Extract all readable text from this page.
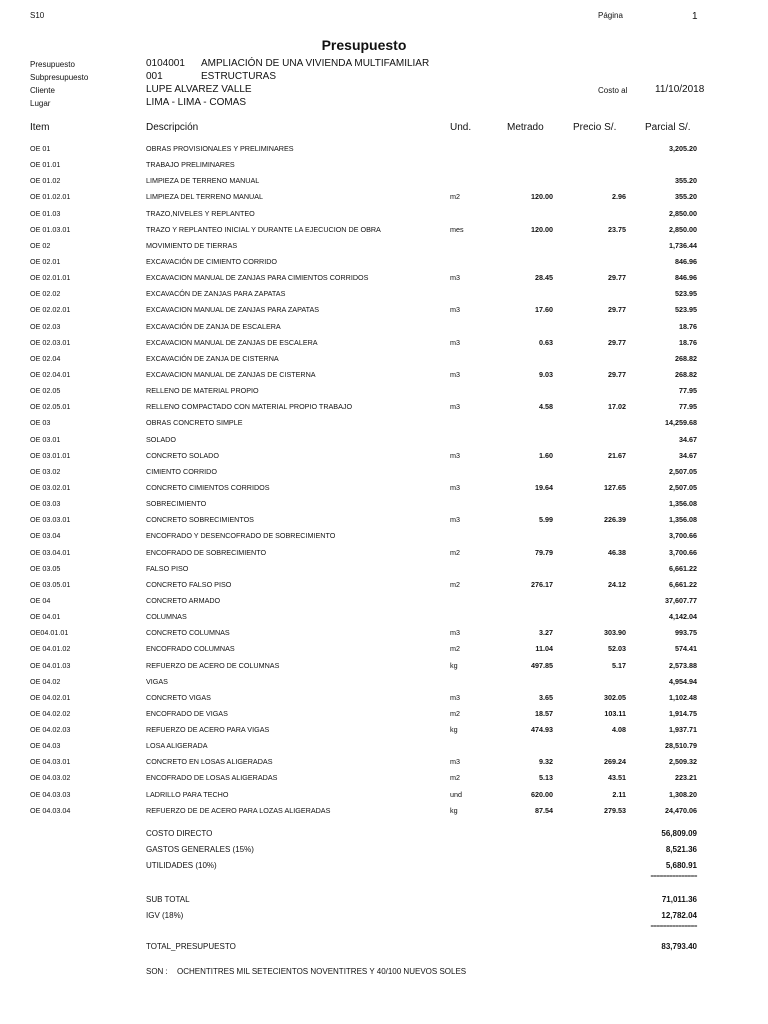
S10	Página	1
Presupuesto
Presupuesto	0104001 AMPLIACIÓN DE UNA VIVIENDA MULTIFAMILIAR
Subpresupuesto	001	ESTRUCTURAS
Cliente	LUPE ALVAREZ VALLE	Costo al	11/10/2018
Lugar	LIMA - LIMA - COMAS
Item	Descripción	Und.	Metrado	Precio S/.	Parcial S/.
OE 01	OBRAS PROVISIONALES Y PRELIMINARES	3,205.20
OE 01.01	TRABAJO PRELIMINARES
OE 01.02	LIMPIEZA DE TERRENO MANUAL	355.20
OE 01.02.01	LIMPIEZA DEL TERRENO MANUAL	m2	120.00	2.96	355.20
OE 01.03	TRAZO,NIVELES Y REPLANTEO	2,850.00
OE 01.03.01	TRAZO Y REPLANTEO INICIAL Y DURANTE LA EJECUCION DE OBRA	mes	120.00	23.75	2,850.00
OE 02	MOVIMIENTO DE TIERRAS	1,736.44
OE 02.01	EXCAVACIÓN DE CIMIENTO CORRIDO	846.96
OE 02.01.01	EXCAVACION MANUAL DE ZANJAS PARA CIMIENTOS CORRIDOS	m3	28.45	29.77	846.96
OE 02.02	EXCAVACÓN DE ZANJAS PARA ZAPATAS	523.95
OE 02.02.01	EXCAVACION MANUAL DE ZANJAS PARA ZAPATAS	m3	17.60	29.77	523.95
OE 02.03	EXCAVACIÓN DE ZANJA DE ESCALERA	18.76
OE 02.03.01	EXCAVACION MANUAL DE ZANJAS DE ESCALERA	m3	0.63	29.77	18.76
OE 02.04	EXCAVACIÓN DE ZANJA DE CISTERNA	268.82
OE 02.04.01	EXCAVACION MANUAL DE ZANJAS DE CISTERNA	m3	9.03	29.77	268.82
OE 02.05	RELLENO DE MATERIAL PROPIO	77.95
OE 02.05.01	RELLENO COMPACTADO CON MATERIAL PROPIO TRABAJO	m3	4.58	17.02	77.95
OE 03	OBRAS CONCRETO SIMPLE	14,259.68
OE 03.01	SOLADO	34.67
OE 03.01.01	CONCRETO SOLADO	m3	1.60	21.67	34.67
OE 03.02	CIMIENTO CORRIDO	2,507.05
OE 03.02.01	CONCRETO CIMIENTOS CORRIDOS	m3	19.64	127.65	2,507.05
OE 03.03	SOBRECIMIENTO	1,356.08
OE 03.03.01	CONCRETO SOBRECIMIENTOS	m3	5.99	226.39	1,356.08
OE 03.04	ENCOFRADO Y DESENCOFRADO DE SOBRECIMIENTO	3,700.66
OE 03.04.01	ENCOFRADO DE SOBRECIMIENTO	m2	79.79	46.38	3,700.66
OE 03.05	FALSO PISO	6,661.22
OE 03.05.01	CONCRETO FALSO PISO	m2	276.17	24.12	6,661.22
OE 04	CONCRETO ARMADO	37,607.77
OE 04.01	COLUMNAS	4,142.04
OE04.01.01	CONCRETO COLUMNAS	m3	3.27	303.90	993.75
OE 04.01.02	ENCOFRADO COLUMNAS	m2	11.04	52.03	574.41
OE 04.01.03	REFUERZO DE ACERO DE COLUMNAS	kg	497.85	5.17	2,573.88
OE 04.02	VIGAS	4,954.94
OE 04.02.01	CONCRETO VIGAS	m3	3.65	302.05	1,102.48
OE 04.02.02	ENCOFRADO DE VIGAS	m2	18.57	103.11	1,914.75
OE 04.02.03	REFUERZO DE ACERO PARA VIGAS	kg	474.93	4.08	1,937.71
OE 04.03	LOSA ALIGERADA	28,510.79
OE 04.03.01	CONCRETO EN LOSAS ALIGERADAS	m3	9.32	269.24	2,509.32
OE 04.03.02	ENCOFRADO DE LOSAS ALIGERADAS	m2	5.13	43.51	223.21
OE 04.03.03	LADRILLO PARA TECHO	und	620.00	2.11	1,308.20
OE 04.03.04	REFUERZO DE DE ACERO PARA LOZAS ALIGERADAS	kg	87.54	279.53	24,470.06
COSTO DIRECTO	56,809.09
GASTOS GENERALES (15%)	8,521.36
UTILIDADES (10%)	5,680.91
===============
SUB TOTAL	71,011.36
IGV (18%)	12,782.04
===============
TOTAL_PRESUPUESTO	83,793.40
SON : OCHENTITRES MIL SETECIENTOS NOVENTITRES Y 40/100 NUEVOS SOLES
